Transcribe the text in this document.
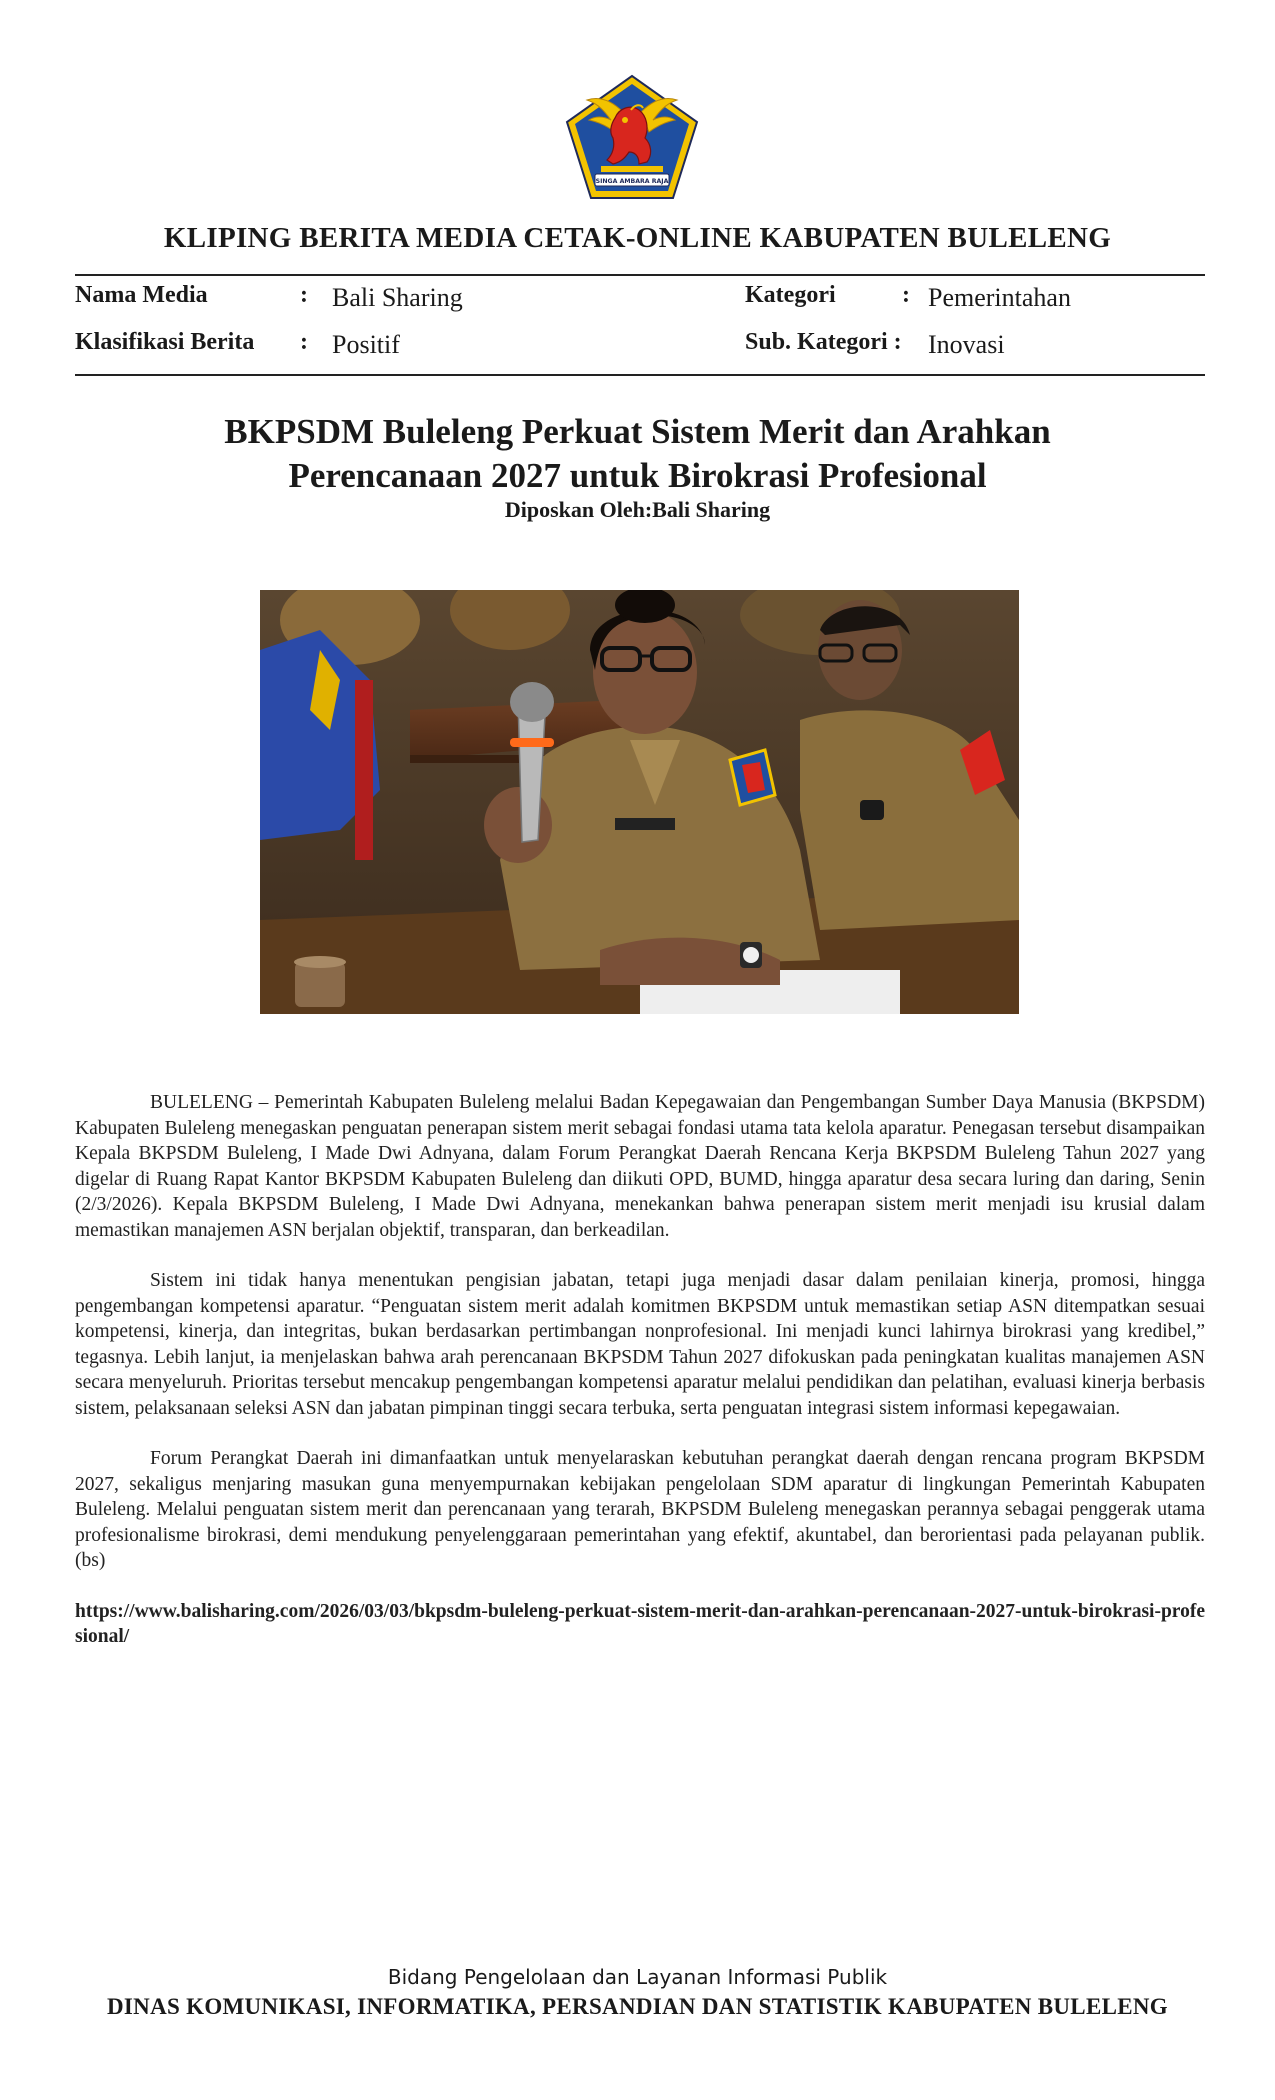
SINGA AMBARA RAJA
KLIPING BERITA MEDIA CETAK-ONLINE KABUPATEN BULELENG
Nama Media	: Bali Sharing	Kategori	: Pemerintahan
Klasifikasi Berita : Positif	Sub. Kategori : Inovasi
BKPSDM Buleleng Perkuat Sistem Merit dan Arahkan
Perencanaan 2027 untuk Birokrasi Profesional
Diposkan Oleh:Bali Sharing

BULELENG – Pemerintah Kabupaten Buleleng melalui Badan Kepegawaian dan Pengembangan Sumber Daya Manusia (BKPSDM) Kabupaten Buleleng menegaskan penguatan penerapan sistem merit sebagai fondasi utama tata kelola aparatur. Penegasan tersebut disampaikan Kepala BKPSDM Buleleng, I Made Dwi Adnyana, dalam Forum Perangkat Daerah Rencana Kerja BKPSDM Buleleng Tahun 2027 yang digelar di Ruang Rapat Kantor BKPSDM Kabupaten Buleleng dan diikuti OPD, BUMD, hingga aparatur desa secara luring dan daring, Senin (2/3/2026). Kepala BKPSDM Buleleng, I Made Dwi Adnyana, menekankan bahwa penerapan sistem merit menjadi isu krusial dalam memastikan manajemen ASN berjalan objektif, transparan, dan berkeadilan.

Sistem ini tidak hanya menentukan pengisian jabatan, tetapi juga menjadi dasar dalam penilaian kinerja, promosi, hingga pengembangan kompetensi aparatur. “Penguatan sistem merit adalah komitmen BKPSDM untuk memastikan setiap ASN ditempatkan sesuai kompetensi, kinerja, dan integritas, bukan berdasarkan pertimbangan nonprofesional. Ini menjadi kunci lahirnya birokrasi yang kredibel,” tegasnya. Lebih lanjut, ia menjelaskan bahwa arah perencanaan BKPSDM Tahun 2027 difokuskan pada peningkatan kualitas manajemen ASN secara menyeluruh. Prioritas tersebut mencakup pengembangan kompetensi aparatur melalui pendidikan dan pelatihan, evaluasi kinerja berbasis sistem, pelaksanaan seleksi ASN dan jabatan pimpinan tinggi secara terbuka, serta penguatan integrasi sistem informasi kepegawaian.

Forum Perangkat Daerah ini dimanfaatkan untuk menyelaraskan kebutuhan perangkat daerah dengan rencana program BKPSDM 2027, sekaligus menjaring masukan guna menyempurnakan kebijakan pengelolaan SDM aparatur di lingkungan Pemerintah Kabupaten Buleleng. Melalui penguatan sistem merit dan perencanaan yang terarah, BKPSDM Buleleng menegaskan perannya sebagai penggerak utama profesionalisme birokrasi, demi mendukung penyelenggaraan pemerintahan yang efektif, akuntabel, dan berorientasi pada pelayanan publik. (bs)

https://www.balisharing.com/2026/03/03/bkpsdm-buleleng-perkuat-sistem-merit-dan-arahkan-perencanaan-2027-untuk-birokrasi-profesional/

Bidang Pengelolaan dan Layanan Informasi Publik
DINAS KOMUNIKASI, INFORMATIKA, PERSANDIAN DAN STATISTIK KABUPATEN BULELENG
